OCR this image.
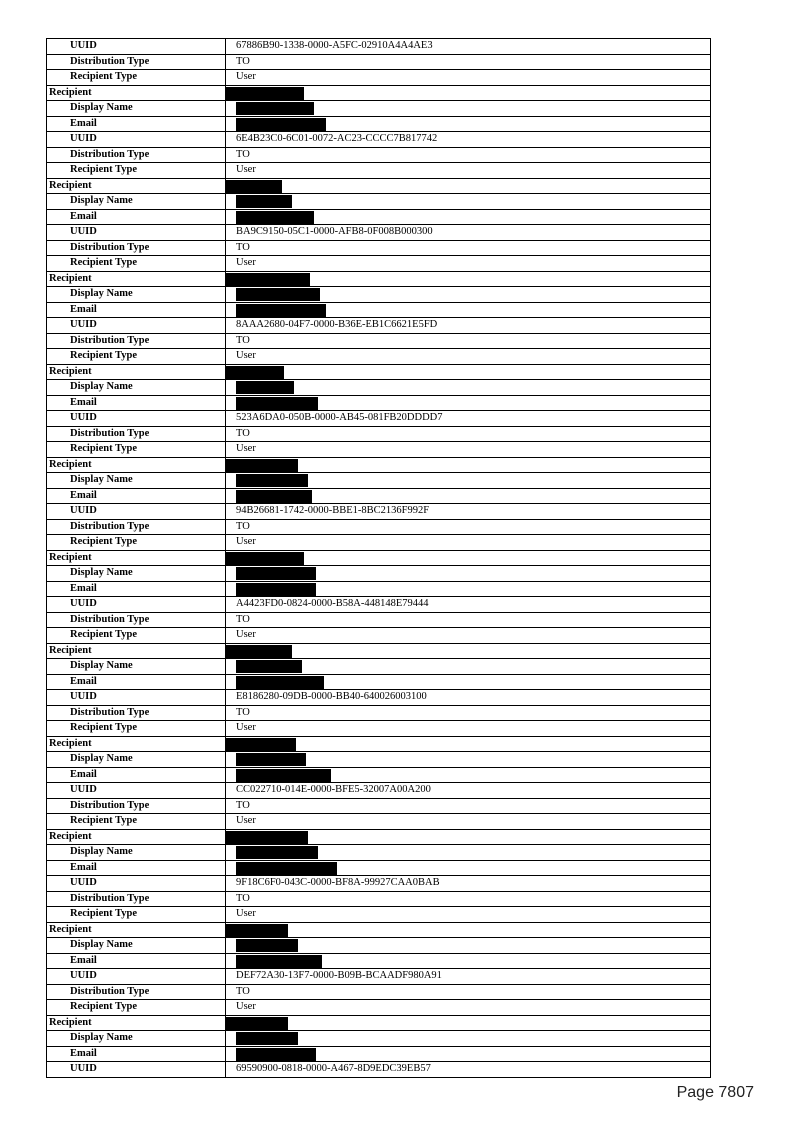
UUID	67886B90-1338-0000-A5FC-02910A4A4AE3
Distribution Type	TO
Recipient Type	User
Recipient	
Display Name	
Email	
UUID	6E4B23C0-6C01-0072-AC23-CCCC7B817742
Distribution Type	TO
Recipient Type	User
Recipient	
Display Name	
Email	
UUID	BA9C9150-05C1-0000-AFB8-0F008B000300
Distribution Type	TO
Recipient Type	User
Recipient	
Display Name	
Email	
UUID	8AAA2680-04F7-0000-B36E-EB1C6621E5FD
Distribution Type	TO
Recipient Type	User
Recipient	
Display Name	
Email	
UUID	523A6DA0-050B-0000-AB45-081FB20DDDD7
Distribution Type	TO
Recipient Type	User
Recipient	
Display Name	
Email	
UUID	94B26681-1742-0000-BBE1-8BC2136F992F
Distribution Type	TO
Recipient Type	User
Recipient	
Display Name	
Email	
UUID	A4423FD0-0824-0000-B58A-448148E79444
Distribution Type	TO
Recipient Type	User
Recipient	
Display Name	
Email	
UUID	E8186280-09DB-0000-BB40-640026003100
Distribution Type	TO
Recipient Type	User
Recipient	
Display Name	
Email	
UUID	CC022710-014E-0000-BFE5-32007A00A200
Distribution Type	TO
Recipient Type	User
Recipient	
Display Name	
Email	
UUID	9F18C6F0-043C-0000-BF8A-99927CAA0BAB
Distribution Type	TO
Recipient Type	User
Recipient	
Display Name	
Email	
UUID	DEF72A30-13F7-0000-B09B-BCAADF980A91
Distribution Type	TO
Recipient Type	User
Recipient	
Display Name	
Email	
UUID	69590900-0818-0000-A467-8D9EDC39EB57
Page 7807
